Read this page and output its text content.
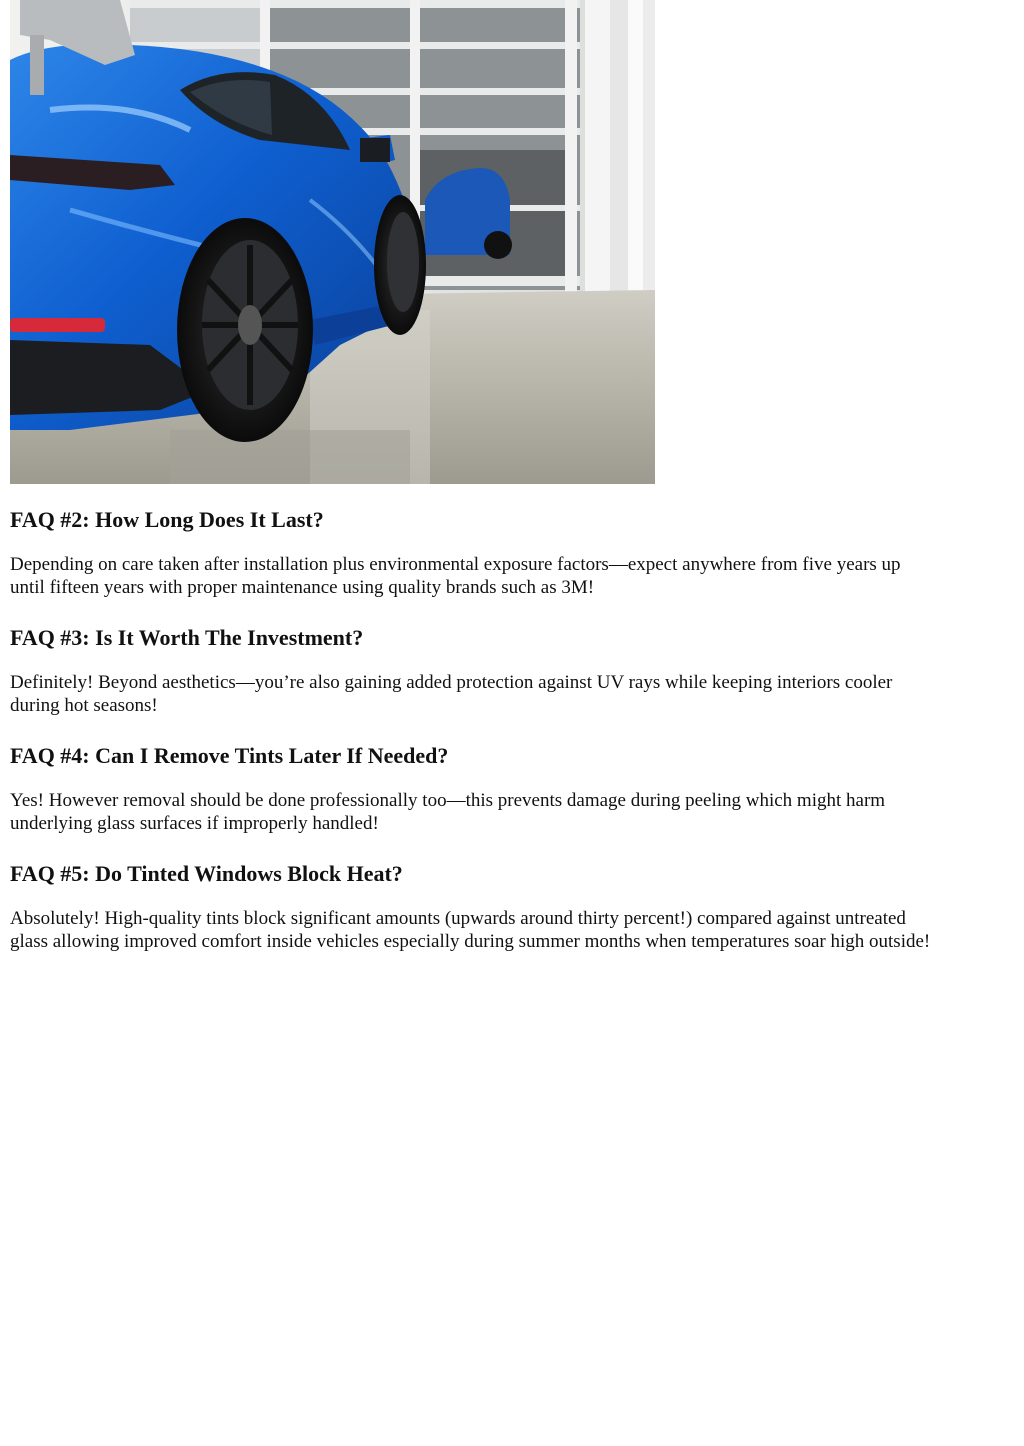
FAQ #2: How Long Does It Last?

Depending on care taken after installation plus environmental exposure factors—expect anywhere from five years up
until fifteen years with proper maintenance using quality brands such as 3M!

FAQ #3: Is It Worth The Investment?

Definitely! Beyond aesthetics—you’re also gaining added protection against UV rays while keeping interiors cooler
during hot seasons!

FAQ #4: Can I Remove Tints Later If Needed?

Yes! However removal should be done professionally too—this prevents damage during peeling which might harm
underlying glass surfaces if improperly handled!

FAQ #5: Do Tinted Windows Block Heat?

Absolutely! High-quality tints block significant amounts (upwards around thirty percent!) compared against untreated
glass allowing improved comfort inside vehicles especially during summer months when temperatures soar high outside!
